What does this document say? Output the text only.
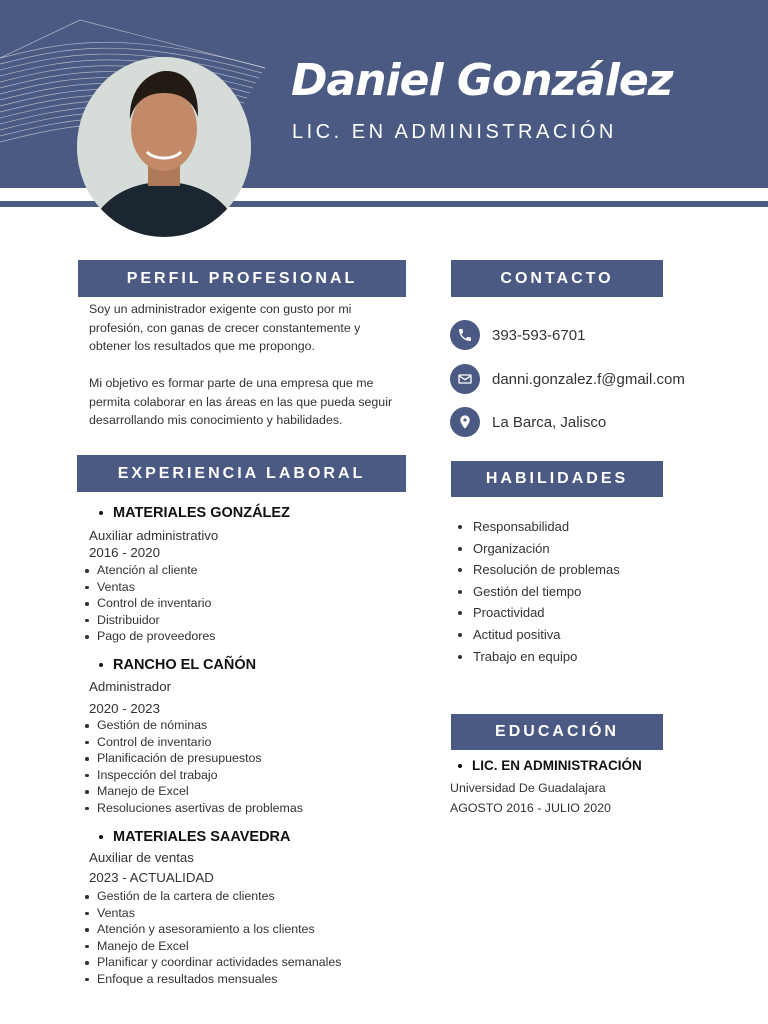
Daniel González
LIC. EN ADMINISTRACIÓN
PERFIL PROFESIONAL

Soy un administrador exigente con gusto por mi profesión, con ganas de crecer constantemente y obtener los resultados que me propongo.

Mi objetivo es formar parte de una empresa que me permita colaborar en las áreas en las que pueda seguir desarrollando mis conocimiento y habilidades.

CONTACTO
393-593-6701
danni.gonzalez.f@gmail.com
La Barca, Jalisco
HABILIDADES
Responsabilidad
Organización
Resolución de problemas
Gestión del tiempo
Proactividad
Actitud positiva
Trabajo en equipo
EXPERIENCIA LABORAL
MATERIALES GONZÁLEZ
Auxiliar administrativo
2016 - 2020
Atención al cliente
Ventas
Control de inventario
Distribuidor
Pago de proveedores
RANCHO EL CAÑÓN
Administrador
2020 - 2023
Gestión de nóminas
Control de inventario
Planificación de presupuestos
Inspección del trabajo
Manejo de Excel
Resoluciones asertivas de problemas
MATERIALES SAAVEDRA
Auxiliar de ventas
2023 - ACTUALIDAD
Gestión de la cartera de clientes
Ventas
Atención y asesoramiento a los clientes
Manejo de Excel
Planificar y coordinar actividades semanales
Enfoque a resultados mensuales
EDUCACIÓN
LIC. EN ADMINISTRACIÓN
Universidad De Guadalajara
AGOSTO 2016 - JULIO 2020
